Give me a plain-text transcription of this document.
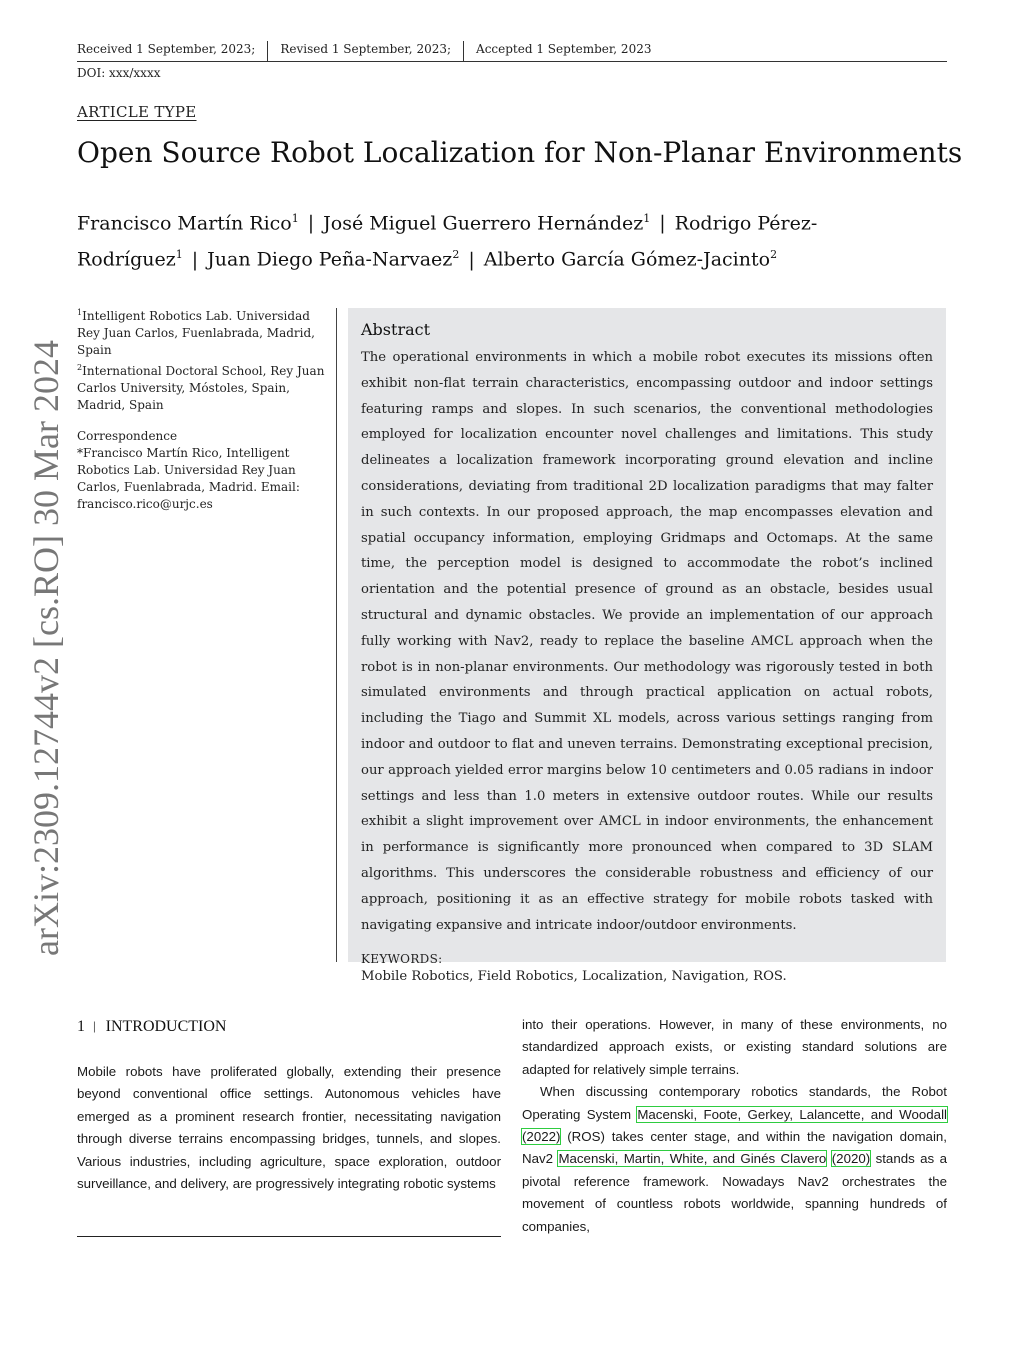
Received 1 September, 2023;	Revised 1 September, 2023;	Accepted 1 September, 2023
DOI: xxx/xxxx
ARTICLE TYPE
Open Source Robot Localization for Non-Planar Environments
Francisco Martín Rico$^1$ | José Miguel Guerrero Hernández$^1$ | Rodrigo Pérez-Rodríguez$^1$ | Juan Diego Peña-Narvaez$^2$ | Alberto García Gómez-Jacinto$^2$
arXiv:2309.12744v2 [cs.RO] 30 Mar 2024
$^1$Intelligent Robotics Lab. Universidad Rey Juan Carlos, Fuenlabrada, Madrid, Spain
$^2$International Doctoral School, Rey Juan Carlos University, Móstoles, Spain, Madrid, Spain
Correspondence
*Francisco Martín Rico, Intelligent Robotics Lab. Universidad Rey Juan Carlos, Fuenlabrada, Madrid. Email: francisco.rico@urjc.es
Abstract

The operational environments in which a mobile robot executes its missions often exhibit non-flat terrain characteristics, encompassing outdoor and indoor settings featuring ramps and slopes. In such scenarios, the conventional methodologies employed for localization encounter novel challenges and limitations. This study delineates a localization framework incorporating ground elevation and incline considerations, deviating from traditional 2D localization paradigms that may falter in such contexts. In our proposed approach, the map encompasses elevation and spatial occupancy information, employing Gridmaps and Octomaps. At the same time, the perception model is designed to accommodate the robot’s inclined orientation and the potential presence of ground as an obstacle, besides usual structural and dynamic obstacles. We provide an implementation of our approach fully working with Nav2, ready to replace the baseline AMCL approach when the robot is in non-planar environments. Our methodology was rigorously tested in both simulated environments and through practical application on actual robots, including the Tiago and Summit XL models, across various settings ranging from indoor and outdoor to flat and uneven terrains. Demonstrating exceptional precision, our approach yielded error margins below 10 centimeters and 0.05 radians in indoor settings and less than 1.0 meters in extensive outdoor routes. While our results exhibit a slight improvement over AMCL in indoor environments, the enhancement in performance is significantly more pronounced when compared to 3D SLAM algorithms. This underscores the considerable robustness and efficiency of our approach, positioning it as an effective strategy for mobile robots tasked with navigating expansive and intricate indoor/outdoor environments.

KEYWORDS:
Mobile Robotics, Field Robotics, Localization, Navigation, ROS.
1 | INTRODUCTION
Mobile robots have proliferated globally, extending their presence beyond conventional office settings. Autonomous vehicles have emerged as a prominent research frontier, necessitating navigation through diverse terrains encompassing bridges, tunnels, and slopes. Various industries, including agriculture, space exploration, outdoor surveillance, and delivery, are progressively integrating robotic systems

into their operations. However, in many of these environments, no standardized approach exists, or existing standard solutions are adapted for relatively simple terrains.

When discussing contemporary robotics standards, the Robot Operating System Macenski, Foote, Gerkey, Lalancette, and Woodall (2022) (ROS) takes center stage, and within the navigation domain, Nav2 Macenski, Martin, White, and Ginés Clavero (2020) stands as a pivotal reference framework. Nowadays Nav2 orchestrates the movement of countless robots worldwide, spanning hundreds of companies,
